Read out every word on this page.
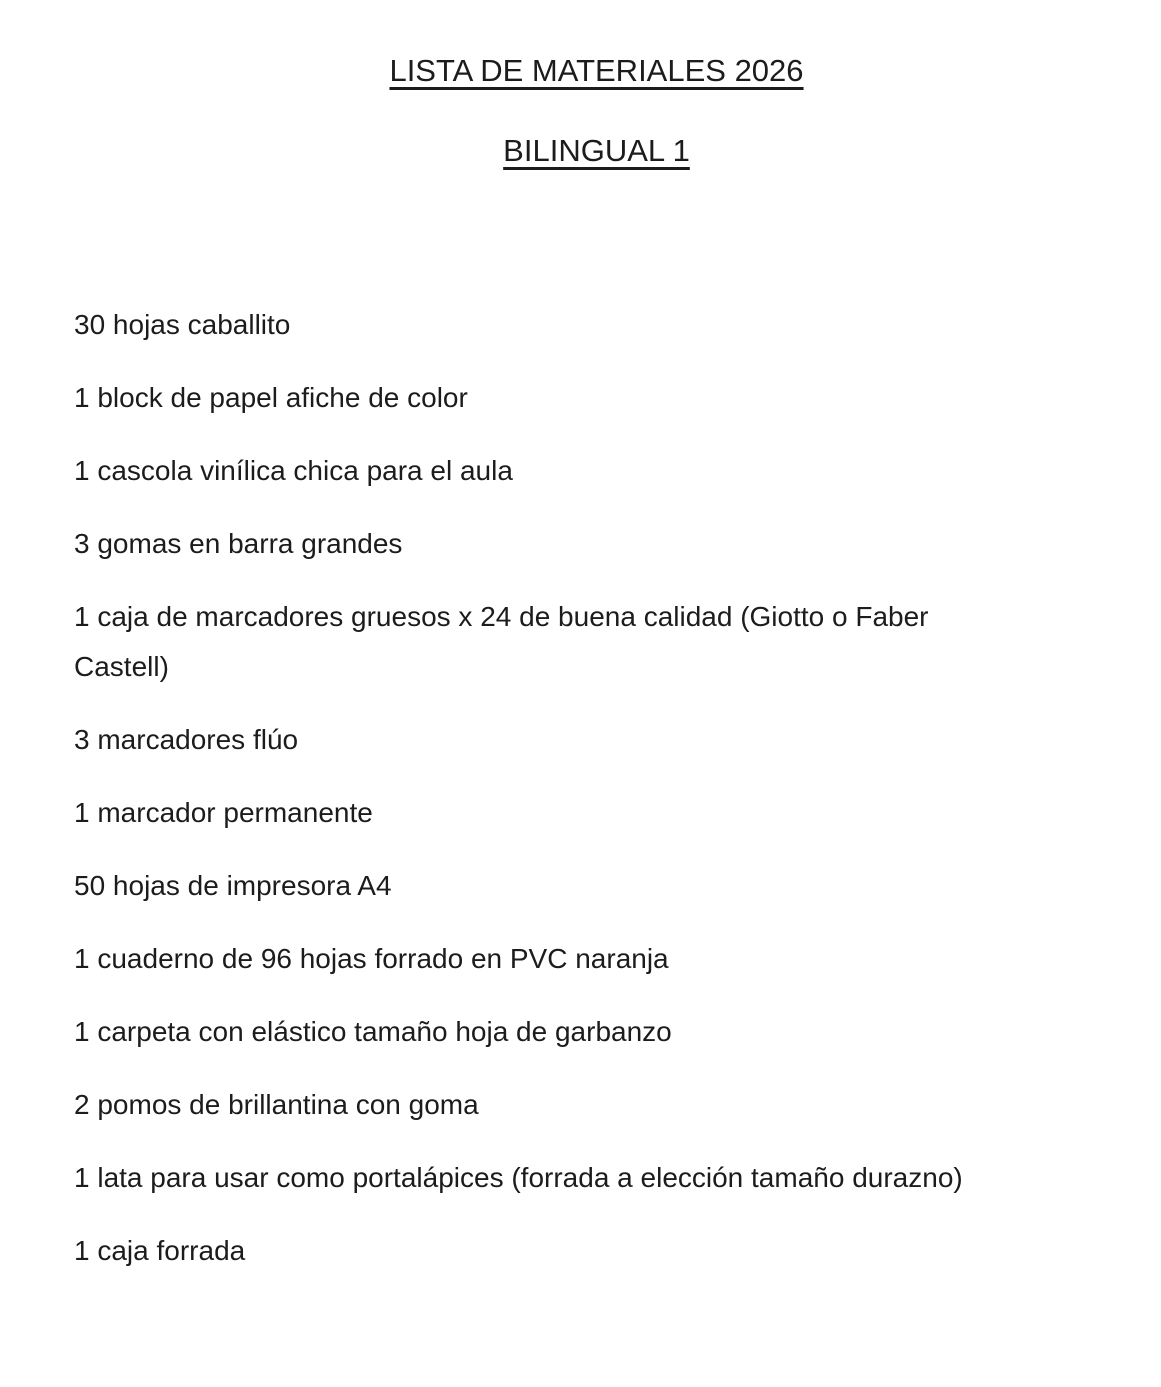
LISTA DE MATERIALES 2026
BILINGUAL 1

30 hojas caballito

1 block de papel afiche de color

1 cascola vinílica chica para el aula

3 gomas en barra grandes

1 caja de marcadores gruesos x 24 de buena calidad (Giotto o Faber
Castell)

3 marcadores flúo

1 marcador permanente

50 hojas de impresora A4

1 cuaderno de 96 hojas forrado en PVC naranja

1 carpeta con elástico tamaño hoja de garbanzo

2 pomos de brillantina con goma

1 lata para usar como portalápices (forrada a elección tamaño durazno)

1 caja forrada
